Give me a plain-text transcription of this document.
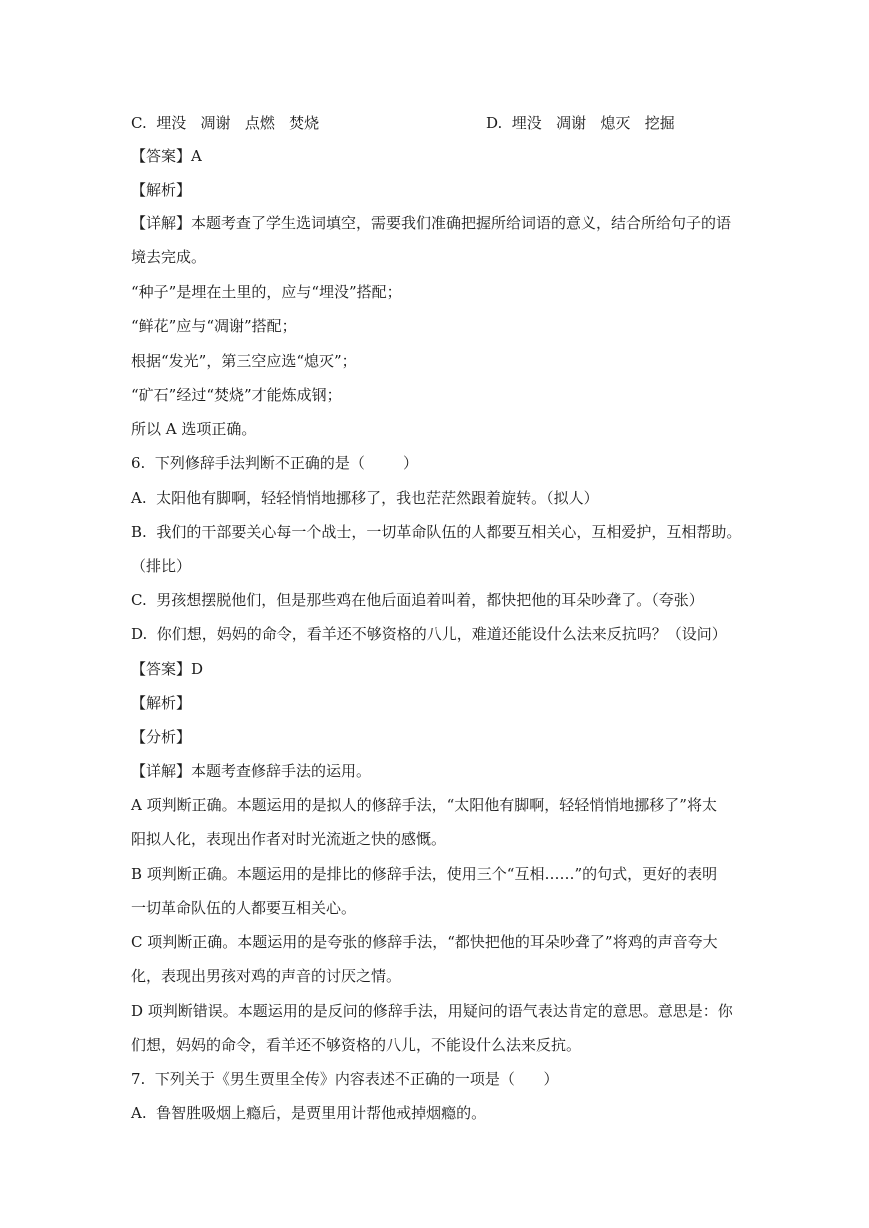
C.  埋没   凋谢   点燃   焚烧	D.  埋没   凋谢   熄灭   挖掘
【答案】A
【解析】
【详解】本题考查了学生选词填空，需要我们准确把握所给词语的意义，结合所给句子的语
境去完成。
“种子”是埋在土里的，应与“埋没”搭配；
“鲜花”应与“凋谢”搭配；
根据“发光”，第三空应选“熄灭”；
“矿石”经过“焚烧”才能炼成钢；
所以 A 选项正确。
6.  下列修辞手法判断不正确的是（        ）
A.  太阳他有脚啊，轻轻悄悄地挪移了，我也茫茫然跟着旋转。（拟人）
B.  我们的干部要关心每一个战士，一切革命队伍的人都要互相关心，互相爱护，互相帮助。
（排比）
C.  男孩想摆脱他们，但是那些鸡在他后面追着叫着，都快把他的耳朵吵聋了。（夸张）
D.  你们想，妈妈的命令，看羊还不够资格的八儿，难道还能设什么法来反抗吗？（设问）
【答案】D
【解析】
【分析】
【详解】本题考查修辞手法的运用。
A 项判断正确。本题运用的是拟人的修辞手法，“太阳他有脚啊，轻轻悄悄地挪移了”将太
阳拟人化，表现出作者对时光流逝之快的感慨。
B 项判断正确。本题运用的是排比的修辞手法，使用三个“互相……”的句式，更好的表明
一切革命队伍的人都要互相关心。
C 项判断正确。本题运用的是夸张的修辞手法，“都快把他的耳朵吵聋了”将鸡的声音夸大
化，表现出男孩对鸡的声音的讨厌之情。
D 项判断错误。本题运用的是反问的修辞手法，用疑问的语气表达肯定的意思。意思是：你
们想，妈妈的命令，看羊还不够资格的八儿，不能设什么法来反抗。
7.  下列关于《男生贾里全传》内容表述不正确的一项是（      ）
A.  鲁智胜吸烟上瘾后，是贾里用计帮他戒掉烟瘾的。
